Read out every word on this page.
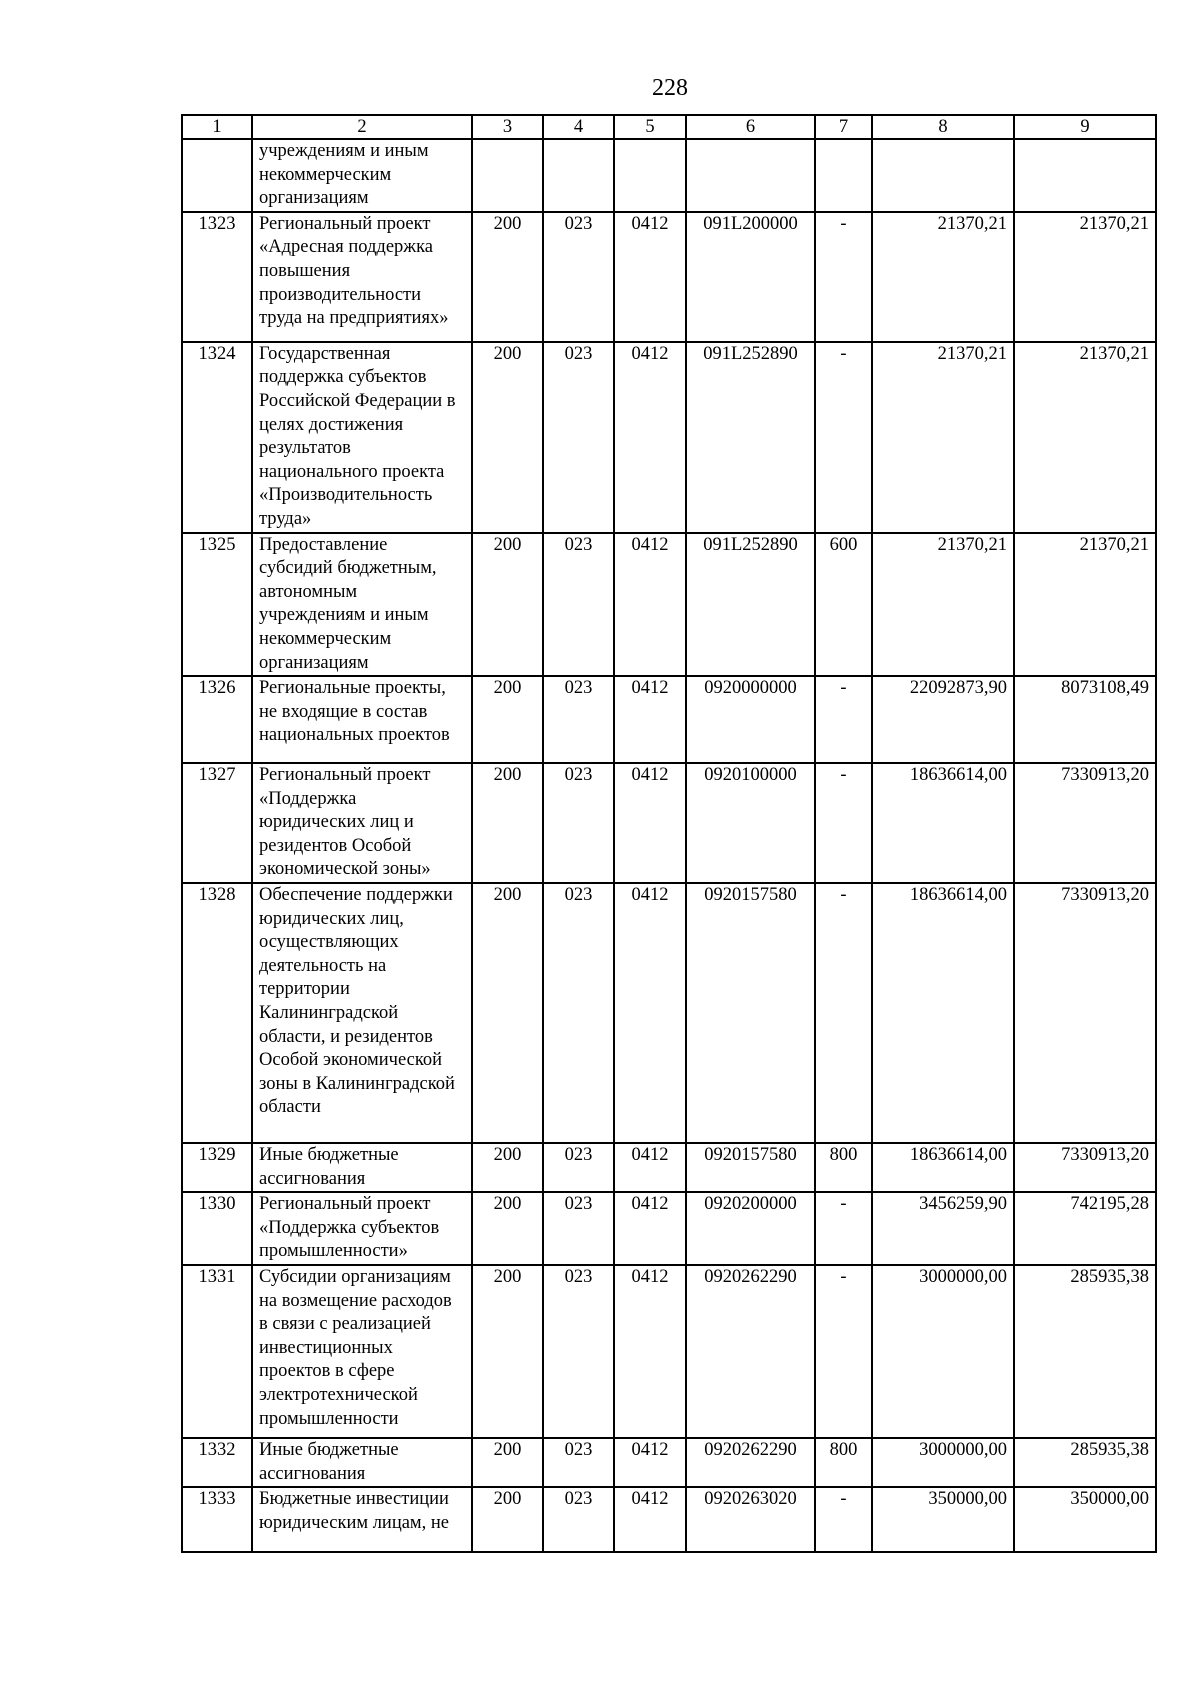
228
1	2	3	4	5	6	7	8	9
	учреждениям и иным некоммерческим организациям							
1323	Региональный проект «Адресная поддержка повышения производительности труда на предприятиях»	200	023	0412	091L200000	-	21370,21	21370,21
1324	Государственная поддержка субъектов Российской Федерации в целях достижения результатов национального проекта «Производительность труда»	200	023	0412	091L252890	-	21370,21	21370,21
1325	Предоставление субсидий бюджетным, автономным учреждениям и иным некоммерческим организациям	200	023	0412	091L252890	600	21370,21	21370,21
1326	Региональные проекты, не входящие в состав национальных проектов	200	023	0412	0920000000	-	22092873,90	8073108,49
1327	Региональный проект «Поддержка юридических лиц и резидентов Особой экономической зоны»	200	023	0412	0920100000	-	18636614,00	7330913,20
1328	Обеспечение поддержки юридических лиц, осуществляющих деятельность на территории Калининградской области, и резидентов Особой экономической зоны в Калининградской области	200	023	0412	0920157580	-	18636614,00	7330913,20
1329	Иные бюджетные ассигнования	200	023	0412	0920157580	800	18636614,00	7330913,20
1330	Региональный проект «Поддержка субъектов промышленности»	200	023	0412	0920200000	-	3456259,90	742195,28
1331	Субсидии организациям на возмещение расходов в связи с реализацией инвестиционных проектов в сфере электротехнической промышленности	200	023	0412	0920262290	-	3000000,00	285935,38
1332	Иные бюджетные ассигнования	200	023	0412	0920262290	800	3000000,00	285935,38
1333	Бюджетные инвестиции юридическим лицам, не	200	023	0412	0920263020	-	350000,00	350000,00
